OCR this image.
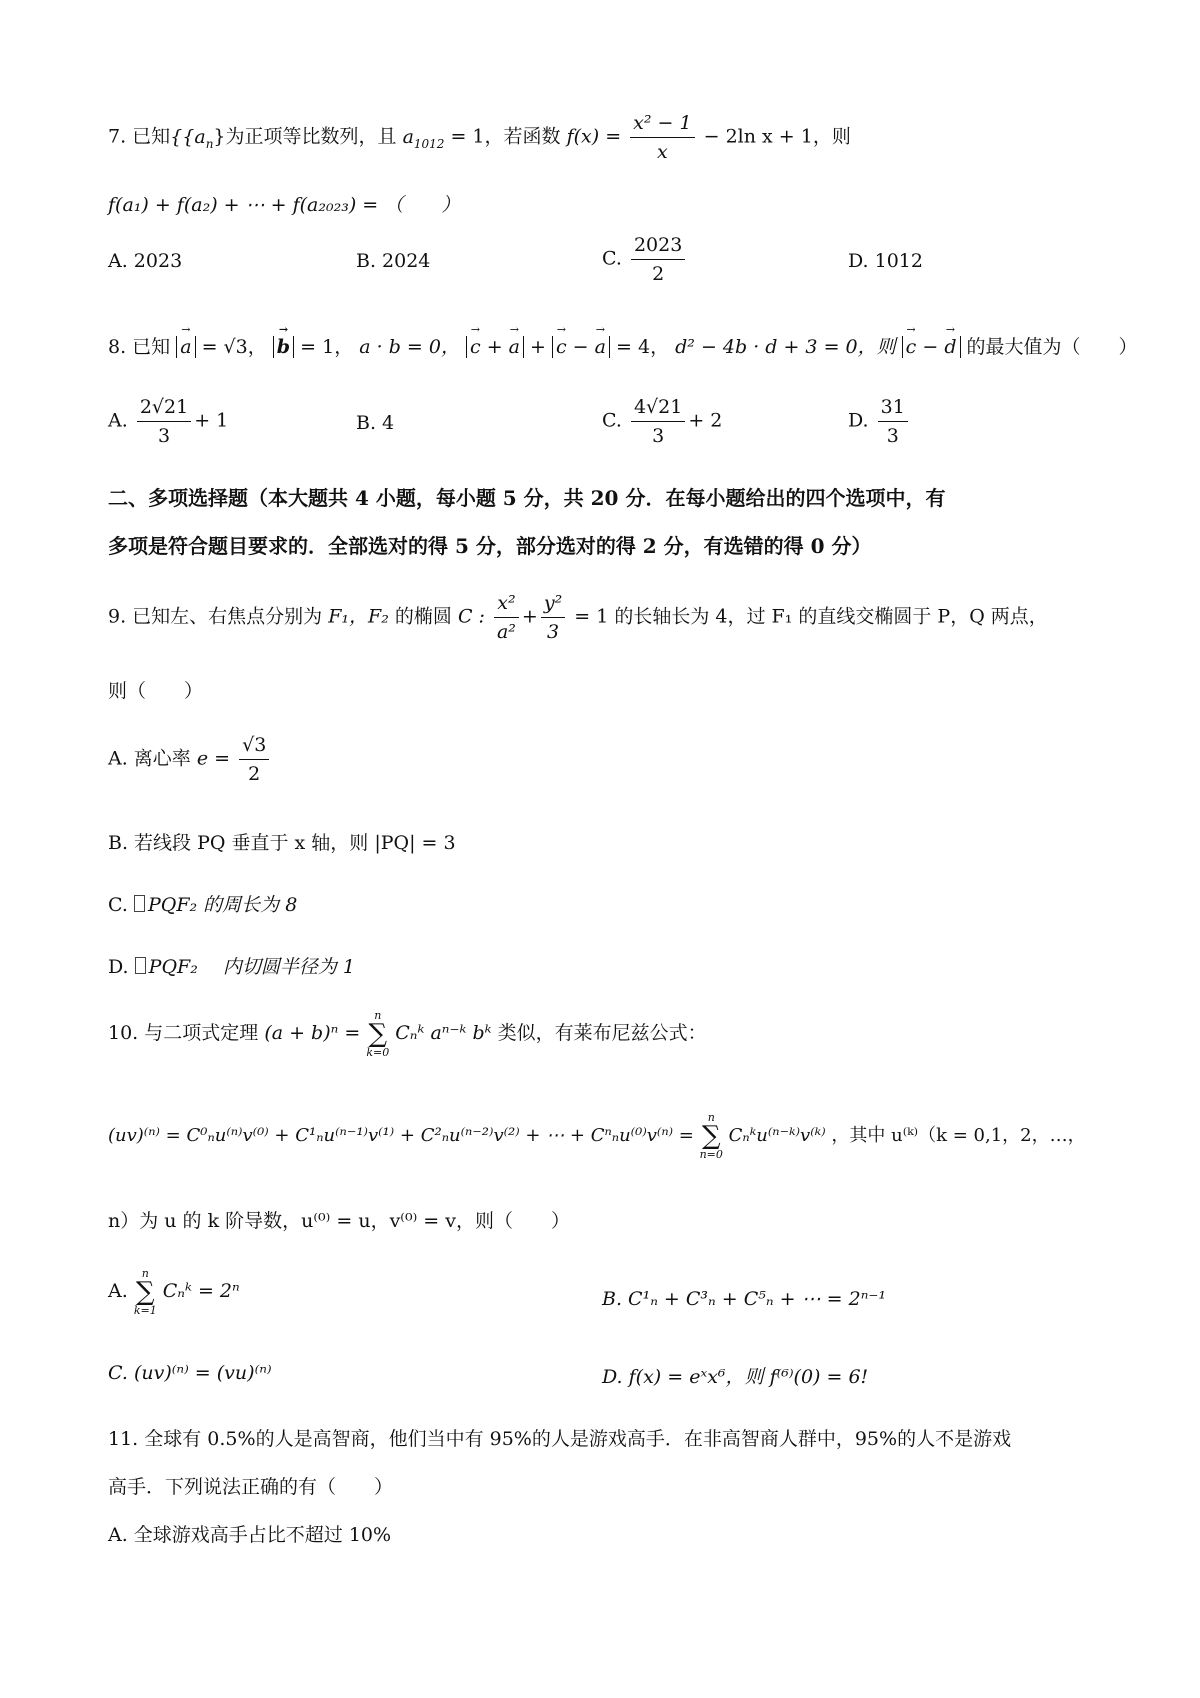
7. 已知{$\{a_n\}$为正项等比数列，且 $a_{1012} = 1$，若函数 $f(x) = \frac{\text{x² − 1}}{x} - 2\ln$ x + 1，则
f(a₁) + f(a₂) + ⋯ + f(a₂₀₂₃) = （　　）
A. 2023	B. 2024	C. $\frac{2023}{2}$	D. 1012
8. 已知 → a = √3， → b = 1， a · b = 0， → c + → a + → c − → a = 4， d² − 4b · d + 3 = 0，则 → c − → d 的最大值为（　　）
A. $\frac{2√21}{3} + 1$	B. 4	C. $\frac{4√21}{3} + 2$	D. $\frac{31}{3}$
二、多项选择题（本大题共 4 小题，每小题 5 分，共 20 分．在每小题给出的四个选项中，有
多项是符合题目要求的．全部选对的得 5 分，部分选对的得 2 分，有选错的得 0 分）
9. 已知左、右焦点分别为 F₁，F₂ 的椭圆 C : $\frac{\text{x²}}{\text{a²}} + \frac{\text{y²}}{3} = 1$ 的长轴长为 4，过 F₁ 的直线交椭圆于 P，Q 两点，
则（　　）
A. 离心率 $e = \frac{√3}{2}$
B. 若线段 PQ 垂直于 x 轴，则 |PQ| = 3
C. PQF₂ 的周长为 8
D. PQF₂　 内切圆半径为 1
10. 与二项式定理 (a + b)ⁿ =
n
∑
k=0
Cₙᵏ aⁿ⁻ᵏ bᵏ 类似，有莱布尼兹公式：
(uv)⁽ⁿ⁾ = C⁰ₙu⁽ⁿ⁾v⁽⁰⁾ + C¹ₙu⁽ⁿ⁻¹⁾v⁽¹⁾ + C²ₙu⁽ⁿ⁻²⁾v⁽²⁾ + ⋯ + Cⁿₙu⁽⁰⁾v⁽ⁿ⁾ =
n
∑
n=0
Cₙᵏu⁽ⁿ⁻ᵏ⁾v⁽ᵏ⁾ ，其中 u⁽ᵏ⁾（k = 0,1，2，…，
n）为 u 的 k 阶导数，u⁽⁰⁾ = u，v⁽⁰⁾ = v，则（　　）
A.
n
∑
k=1
Cₙᵏ = 2ⁿ	B. C¹ₙ + C³ₙ + C⁵ₙ + ⋯ = 2ⁿ⁻¹
C. (uv)⁽ⁿ⁾ = (vu)⁽ⁿ⁾	D. f(x) = eˣx⁶，则 f⁽⁶⁾(0) = 6!
11. 全球有 0.5%的人是高智商，他们当中有 95%的人是游戏高手．在非高智商人群中，95%的人不是游戏
高手．下列说法正确的有（　　）
A. 全球游戏高手占比不超过 10%
